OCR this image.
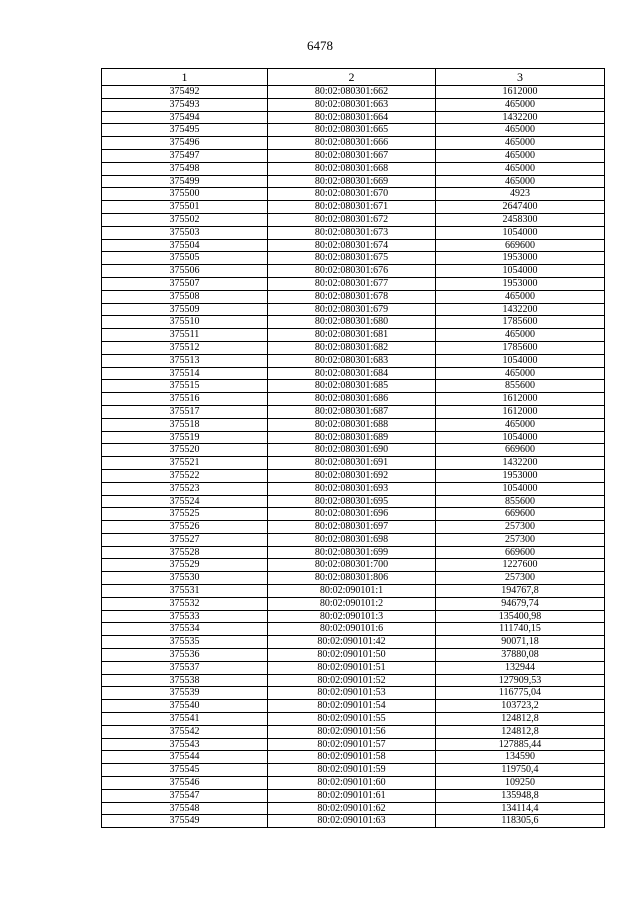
6478
1	2	3
375492	80:02:080301:662	1612000
375493	80:02:080301:663	465000
375494	80:02:080301:664	1432200
375495	80:02:080301:665	465000
375496	80:02:080301:666	465000
375497	80:02:080301:667	465000
375498	80:02:080301:668	465000
375499	80:02:080301:669	465000
375500	80:02:080301:670	4923
375501	80:02:080301:671	2647400
375502	80:02:080301:672	2458300
375503	80:02:080301:673	1054000
375504	80:02:080301:674	669600
375505	80:02:080301:675	1953000
375506	80:02:080301:676	1054000
375507	80:02:080301:677	1953000
375508	80:02:080301:678	465000
375509	80:02:080301:679	1432200
375510	80:02:080301:680	1785600
375511	80:02:080301:681	465000
375512	80:02:080301:682	1785600
375513	80:02:080301:683	1054000
375514	80:02:080301:684	465000
375515	80:02:080301:685	855600
375516	80:02:080301:686	1612000
375517	80:02:080301:687	1612000
375518	80:02:080301:688	465000
375519	80:02:080301:689	1054000
375520	80:02:080301:690	669600
375521	80:02:080301:691	1432200
375522	80:02:080301:692	1953000
375523	80:02:080301:693	1054000
375524	80:02:080301:695	855600
375525	80:02:080301:696	669600
375526	80:02:080301:697	257300
375527	80:02:080301:698	257300
375528	80:02:080301:699	669600
375529	80:02:080301:700	1227600
375530	80:02:080301:806	257300
375531	80:02:090101:1	194767,8
375532	80:02:090101:2	94679,74
375533	80:02:090101:3	135400,98
375534	80:02:090101:6	111740,15
375535	80:02:090101:42	90071,18
375536	80:02:090101:50	37880,08
375537	80:02:090101:51	132944
375538	80:02:090101:52	127909,53
375539	80:02:090101:53	116775,04
375540	80:02:090101:54	103723,2
375541	80:02:090101:55	124812,8
375542	80:02:090101:56	124812,8
375543	80:02:090101:57	127885,44
375544	80:02:090101:58	134590
375545	80:02:090101:59	119750,4
375546	80:02:090101:60	109250
375547	80:02:090101:61	135948,8
375548	80:02:090101:62	134114,4
375549	80:02:090101:63	118305,6
